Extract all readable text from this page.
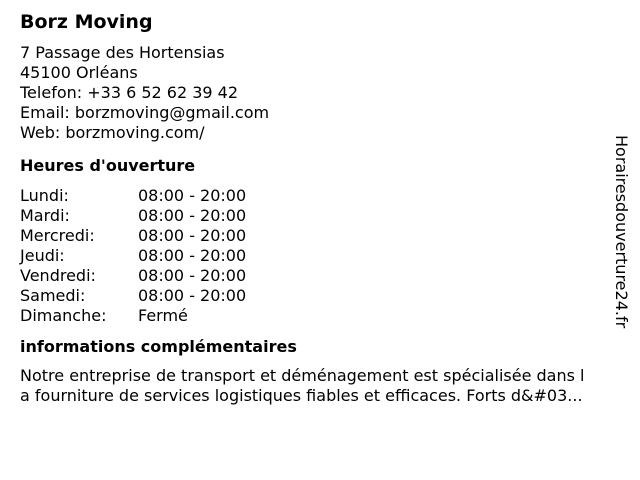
Borz Moving
7 Passage des Hortensias
45100 Orléans
Telefon: +33 6 52 62 39 42
Email: borzmoving@gmail.com
Web: borzmoving.com/
Heures d'ouverture
Lundi:	08:00 - 20:00
Mardi:	08:00 - 20:00
Mercredi:	08:00 - 20:00
Jeudi:	08:00 - 20:00
Vendredi:	08:00 - 20:00
Samedi:	08:00 - 20:00
Dimanche:	Fermé
informations complémentaires
Notre entreprise de transport et déménagement est spécialisée dans l
a fourniture de services logistiques fiables et efficaces. Forts d&#03...
Horairesdouverture24.fr
